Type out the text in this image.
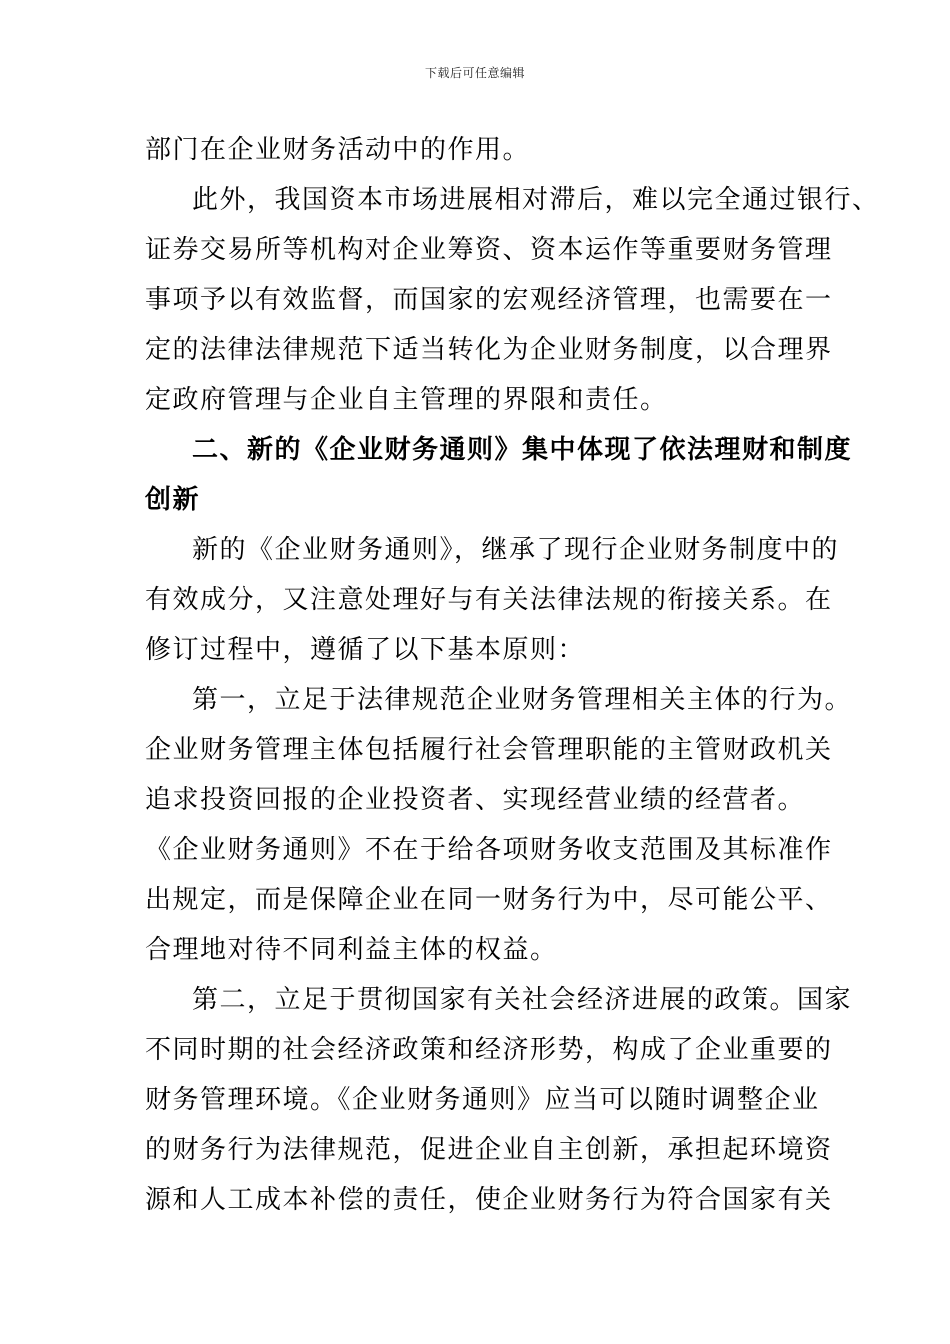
下载后可任意编辑
部门在企业财务活动中的作用。
此外，我国资本市场进展相对滞后，难以完全通过银行、
证券交易所等机构对企业筹资、资本运作等重要财务管理
事项予以有效监督，而国家的宏观经济管理，也需要在一
定的法律法律规范下适当转化为企业财务制度，以合理界
定政府管理与企业自主管理的界限和责任。
二、新的《企业财务通则》集中体现了依法理财和制度
创新
新的《企业财务通则》，继承了现行企业财务制度中的
有效成分，又注意处理好与有关法律法规的衔接关系。在
修订过程中，遵循了以下基本原则：
第一，立足于法律规范企业财务管理相关主体的行为。
企业财务管理主体包括履行社会管理职能的主管财政机关
追求投资回报的企业投资者、实现经营业绩的经营者。
《企业财务通则》不在于给各项财务收支范围及其标准作
出规定，而是保障企业在同一财务行为中，尽可能公平、
合理地对待不同利益主体的权益。
第二，立足于贯彻国家有关社会经济进展的政策。国家
不同时期的社会经济政策和经济形势，构成了企业重要的
财务管理环境。《企业财务通则》应当可以随时调整企业
的财务行为法律规范，促进企业自主创新，承担起环境资
源和人工成本补偿的责任，使企业财务行为符合国家有关
